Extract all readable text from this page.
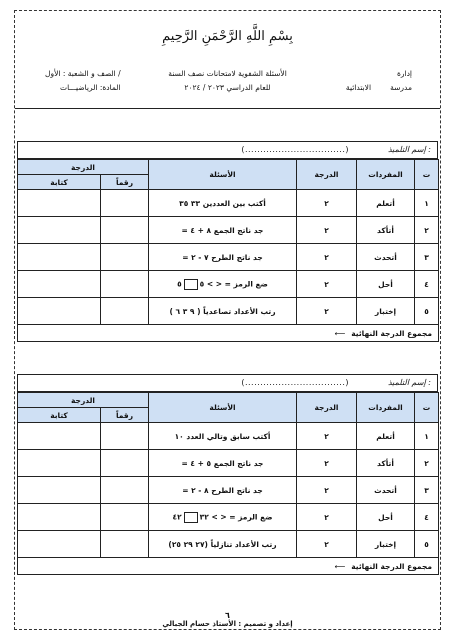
بِسْمِ اللَّهِ الرَّحْمَنِ الرَّحِيمِ
إدارة
مدرسة        الابتدائية
الأسئلة الشفوية لامتحانات نصف السنة
للعام الدراسي ٢٠٢٣ / ٢٠٢٤
الصف و الشعبة : الأول /
المادة: الرياضيـــات
إسم التلميذ :
(.................................)
ت	المفردات	الدرجة	الأسئلة	الدرجة	
				رقماً	كتابة
١	أتعلم	٢	أكتب بين العددين ٣٣ ٣٥		
٢	أتأكد	٢	جد ناتج الجمع ٨ + ٤ =		
٣	أتحدث	٢	جد ناتج الطرح ٧ - ٢ =		
٤	أحل	٢	ضع الرمز = < > ٥٥		
٥	إختبار	٢	رتب الأعداد تصاعدياً ( ٩ ٣ ٦ )		
مجموع الدرجة النهائية⟵					
إسم التلميذ :
(.................................)
ت	المفردات	الدرجة	الأسئلة	الدرجة	
				رقماً	كتابة
١	أتعلم	٢	أكتب سابق وتالي العدد ١٠		
٢	أتأكد	٢	جد ناتج الجمع ٥ + ٤ =		
٣	أتحدث	٢	جد ناتج الطرح ٨ - ٢ =		
٤	أحل	٢	ضع الرمز = < > ٣٢٤٢		
٥	إختبار	٢	رتب الأعداد تنازلياً (٢٧ ٢٩ ٢٥)		
مجموع الدرجة النهائية⟵					
٦
إعداد و تصميم : الأستاذ حسام الجبالي
